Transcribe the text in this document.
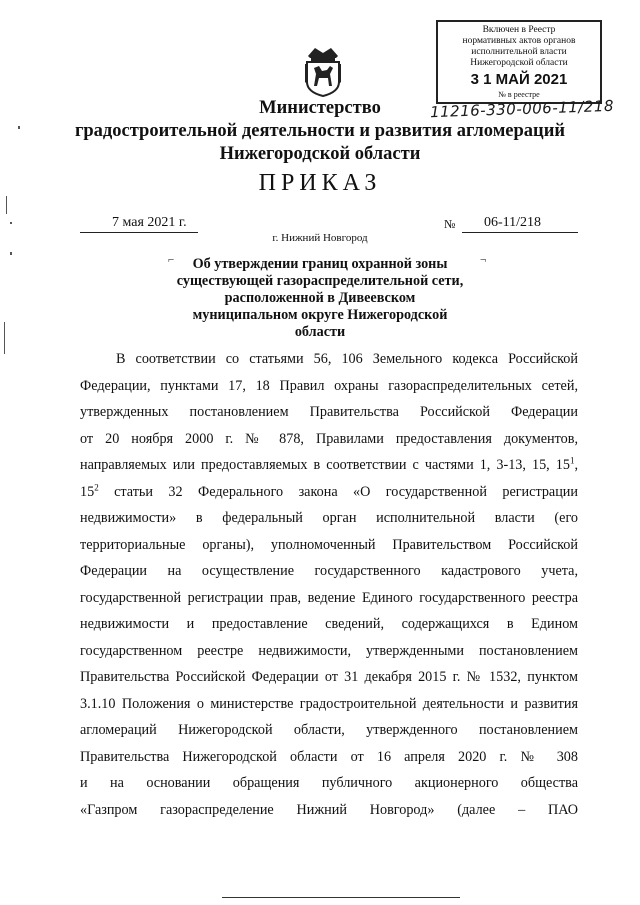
Включен в Реестр
нормативных актов органов
исполнительной власти
Нижегородской области
3 1 МАЙ 2021
№ в реестре
11216-330-006-11/218
Министерство
градостроительной деятельности и развития агломераций
Нижегородской области
ПРИКАЗ
7 мая 2021 г.	№ 06-11/218
г. Нижний Новгород
⌐	¬
Об утверждении границ охранной зоны
существующей газораспределительной сети,
расположенной в Дивеевском
муниципальном округе Нижегородской
области
В соответствии со статьями 56, 106 Земельного кодекса Российской
Федерации, пунктами 17, 18 Правил охраны газораспределительных сетей,
утвержденных постановлением Правительства Российской Федерации
от 20 ноября 2000 г. № 878, Правилами предоставления документов,
направляемых или предоставляемых в соответствии с частями 1, 3-13, 15, $15^1$,
$15^2$ статьи 32 Федерального закона «О государственной регистрации
недвижимости» в федеральный орган исполнительной власти (его
территориальные органы), уполномоченный Правительством Российской
Федерации на осуществление государственного кадастрового учета,
государственной регистрации прав, ведение Единого государственного реестра
недвижимости и предоставление сведений, содержащихся в Едином
государственном реестре недвижимости, утвержденными постановлением
Правительства Российской Федерации от 31 декабря 2015 г. № 1532, пунктом
3.1.10 Положения о министерстве градостроительной деятельности и развития
агломераций Нижегородской области, утвержденного постановлением
Правительства Нижегородской области от 16 апреля 2020 г. № 308
и на основании обращения публичного акционерного общества
«Газпром газораспределение Нижний Новгород» (далее – ПАО
